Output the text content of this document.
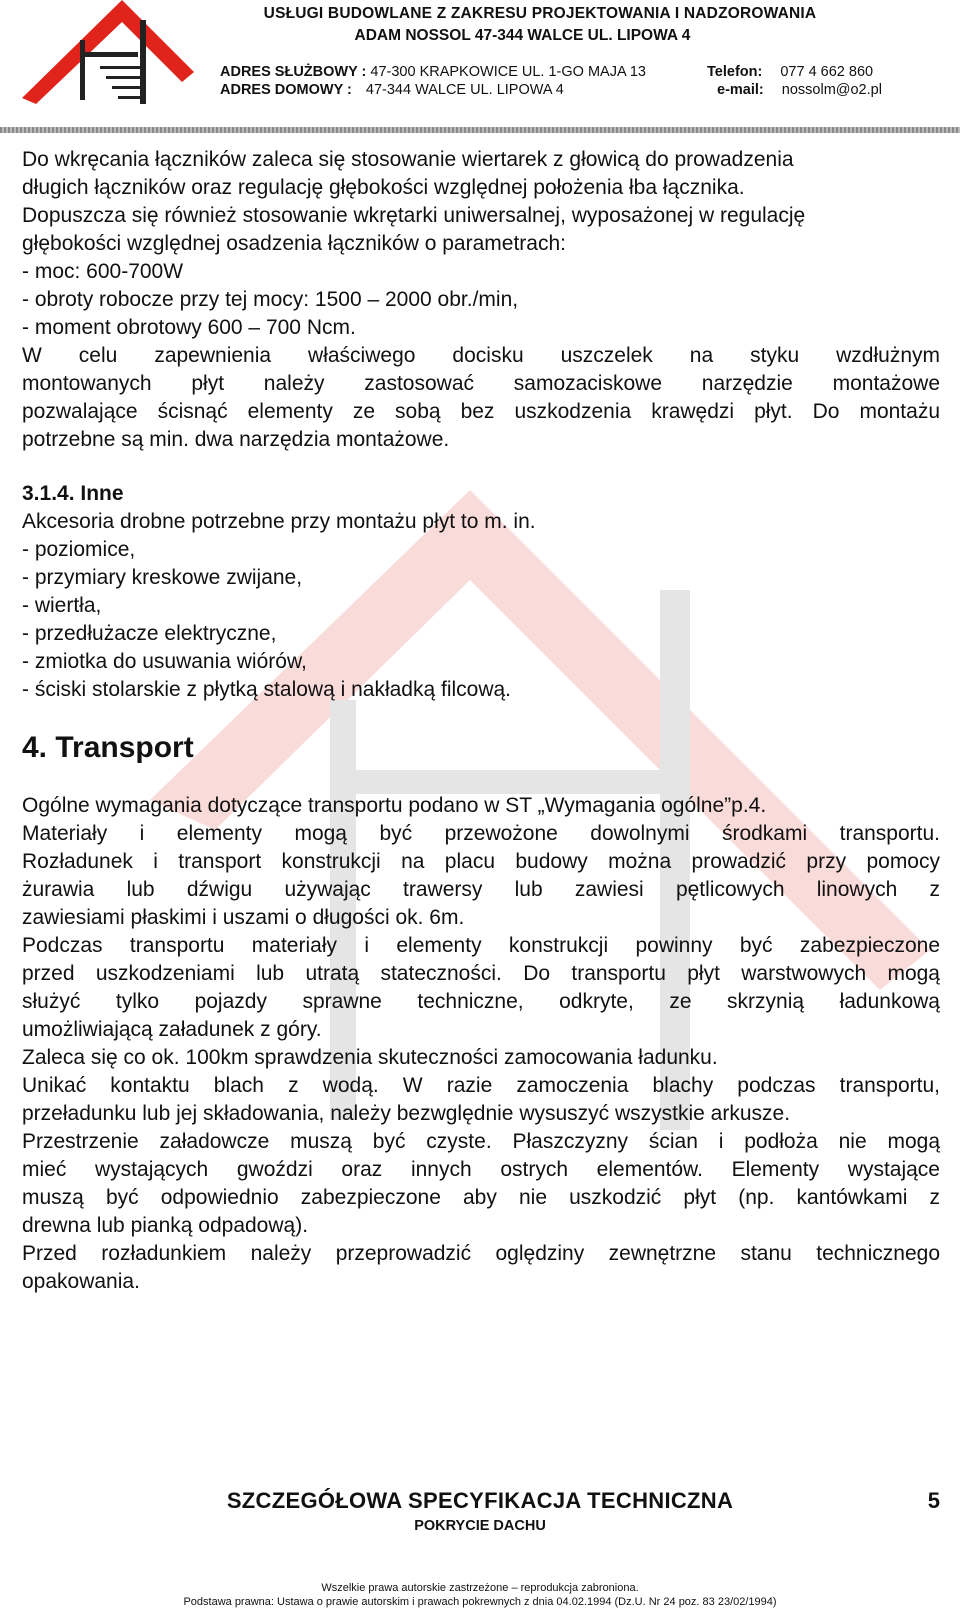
USŁUGI BUDOWLANE Z ZAKRESU PROJEKTOWANIA I NADZOROWANIA
ADAM NOSSOL 47-344 WALCE UL. LIPOWA 4
ADRES SŁUŻBOWY : 47-300 KRAPKOWICE UL. 1-GO MAJA 13
ADRES DOMOWY : 47-344 WALCE UL. LIPOWA 4
Telefon: 077 4 662 860
e-mail: nossolm@o2.pl

Do wkręcania łączników zaleca się stosowanie wiertarek z głowicą do prowadzenia

długich łączników oraz regulację głębokości względnej położenia łba łącznika.

Dopuszcza się również stosowanie wkrętarki uniwersalnej, wyposażonej w regulację

głębokości względnej osadzenia łączników o parametrach:

- moc: 600-700W

- obroty robocze przy tej mocy: 1500 – 2000 obr./min,

- moment obrotowy 600 – 700 Ncm.

W celu zapewnienia właściwego docisku uszczelek na styku wzdłużnym

montowanych płyt należy zastosować samozaciskowe narzędzie montażowe

pozwalające ścisnąć elementy ze sobą bez uszkodzenia krawędzi płyt. Do montażu

potrzebne są min. dwa narzędzia montażowe.

3.1.4. Inne

Akcesoria drobne potrzebne przy montażu płyt to m. in.

- poziomice,

- przymiary kreskowe zwijane,

- wiertła,

- przedłużacze elektryczne,

- zmiotka do usuwania wiórów,

- ściski stolarskie z płytką stalową i nakładką filcową.

4. Transport

Ogólne wymagania dotyczące transportu podano w ST „Wymagania ogólne”p.4.

Materiały i elementy mogą być przewożone dowolnymi środkami transportu.

Rozładunek i transport konstrukcji na placu budowy można prowadzić przy pomocy

żurawia lub dźwigu używając trawersy lub zawiesi pętlicowych linowych z

zawiesiami płaskimi i uszami o długości ok. 6m.

Podczas transportu materiały i elementy konstrukcji powinny być zabezpieczone

przed uszkodzeniami lub utratą stateczności. Do transportu płyt warstwowych mogą

służyć tylko pojazdy sprawne techniczne, odkryte, ze skrzynią ładunkową

umożliwiającą załadunek z góry.

Zaleca się co ok. 100km sprawdzenia skuteczności zamocowania ładunku.

Unikać kontaktu blach z wodą. W razie zamoczenia blachy podczas transportu,

przeładunku lub jej składowania, należy bezwględnie wysuszyć wszystkie arkusze.

Przestrzenie załadowcze muszą być czyste. Płaszczyzny ścian i podłoża nie mogą

mieć wystających gwoździ oraz innych ostrych elementów. Elementy wystające

muszą być odpowiednio zabezpieczone aby nie uszkodzić płyt (np. kantówkami z

drewna lub pianką odpadową).

Przed rozładunkiem należy przeprowadzić oględziny zewnętrzne stanu technicznego

opakowania.

SZCZEGÓŁOWA SPECYFIKACJA TECHNICZNA	5
POKRYCIE DACHU
Wszelkie prawa autorskie zastrzeżone – reprodukcja zabroniona.
Podstawa prawna: Ustawa o prawie autorskim i prawach pokrewnych z dnia 04.02.1994 (Dz.U. Nr 24 poz. 83 23/02/1994)
